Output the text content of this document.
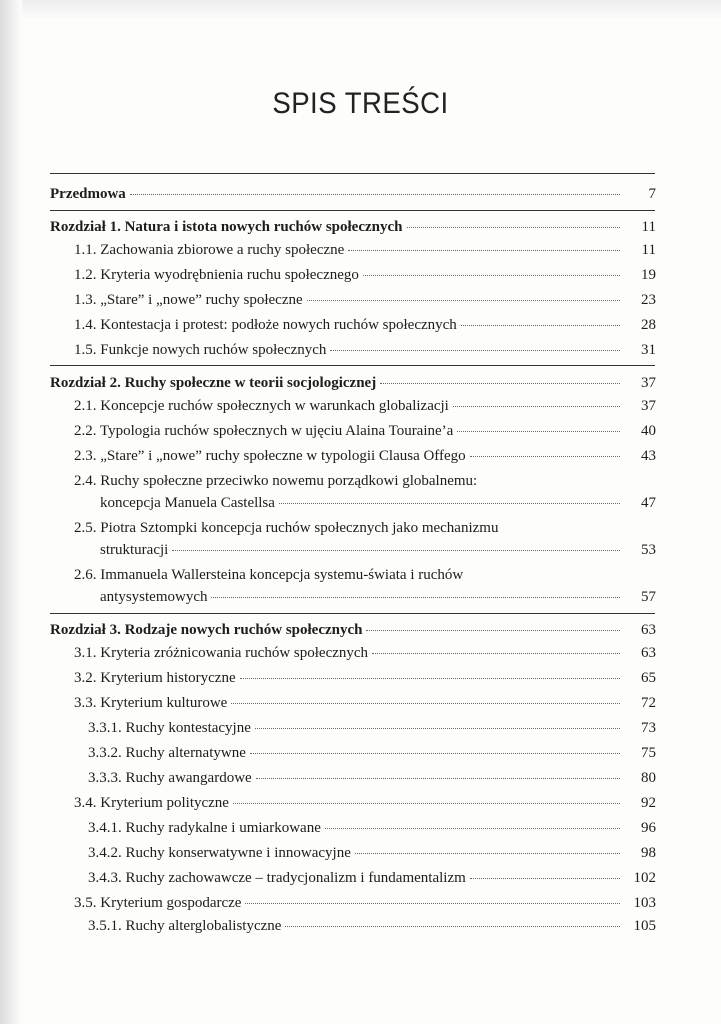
SPIS TREŚCI
Przedmowa	7
Rozdział 1. Natura i istota nowych ruchów społecznych	11
1.1. Zachowania zbiorowe a ruchy społeczne	11
1.2. Kryteria wyodrębnienia ruchu społecznego	19
1.3. „Stare” i „nowe” ruchy społeczne	23
1.4. Kontestacja i protest: podłoże nowych ruchów społecznych	28
1.5. Funkcje nowych ruchów społecznych	31
Rozdział 2. Ruchy społeczne w teorii socjologicznej	37
2.1. Koncepcje ruchów społecznych w warunkach globalizacji	37
2.2. Typologia ruchów społecznych w ujęciu Alaina Touraine’a	40
2.3. „Stare” i „nowe” ruchy społeczne w typologii Clausa Offego	43
2.4. Ruchy społeczne przeciwko nowemu porządkowi globalnemu:
koncepcja Manuela Castellsa	47
2.5. Piotra Sztompki koncepcja ruchów społecznych jako mechanizmu
strukturacji	53
2.6. Immanuela Wallersteina koncepcja systemu-świata i ruchów
antysystemowych	57
Rozdział 3. Rodzaje nowych ruchów społecznych	63
3.1. Kryteria zróżnicowania ruchów społecznych	63
3.2. Kryterium historyczne	65
3.3. Kryterium kulturowe	72
3.3.1. Ruchy kontestacyjne	73
3.3.2. Ruchy alternatywne	75
3.3.3. Ruchy awangardowe	80
3.4. Kryterium polityczne	92
3.4.1. Ruchy radykalne i umiarkowane	96
3.4.2. Ruchy konserwatywne i innowacyjne	98
3.4.3. Ruchy zachowawcze – tradycjonalizm i fundamentalizm	102
3.5. Kryterium gospodarcze	103
3.5.1. Ruchy alterglobalistyczne	105
